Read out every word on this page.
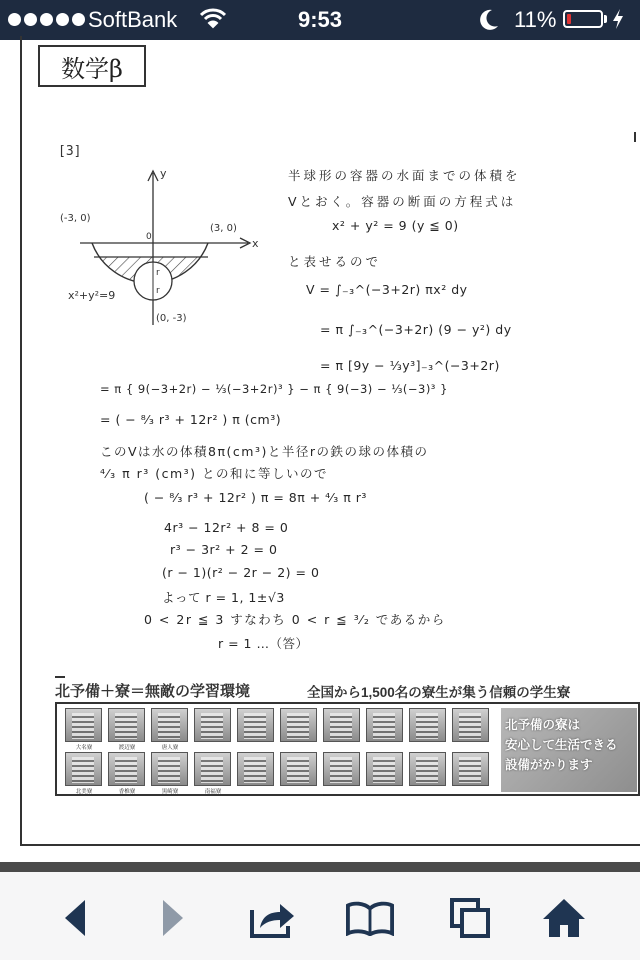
SoftBank	9:53	11%
数学β
[3]
y
x
0
(-3, 0)
(3, 0)
(0, -3)
x²+y²=9
r
r
半球形の容器の水面までの体積を
Vとおく。容器の断面の方程式は
x² + y² = 9 (y ≦ 0)
と表せるので
V = ∫₋₃^(−3+2r) πx² dy
= π ∫₋₃^(−3+2r) (9 − y²) dy
= π [9y − ⅓y³]₋₃^(−3+2r)
= π { 9(−3+2r) − ⅓(−3+2r)³ } − π { 9(−3) − ⅓(−3)³ }
= ( − ⁸⁄₃ r³ + 12r² ) π (cm³)
このVは水の体積8π(cm³)と半径rの鉄の球の体積の
⁴⁄₃ π r³ (cm³) との和に等しいので
( − ⁸⁄₃ r³ + 12r² ) π = 8π + ⁴⁄₃ π r³
4r³ − 12r² + 8 = 0
r³ − 3r² + 2 = 0
(r − 1)(r² − 2r − 2) = 0
よって r = 1, 1±√3
0 < 2r ≦ 3 すなわち 0 < r ≦ ³⁄₂ であるから
r = 1 …（答）
北予備＋寮＝無敵の学習環境	全国から1,500名の寮生が集う信頼の学生寮
大名寮	渡辺寮	唐人寮
北美寮	香椎寮	黒崎寮	南福寮
北予備の寮は
安心して生活できる
設備がかります
